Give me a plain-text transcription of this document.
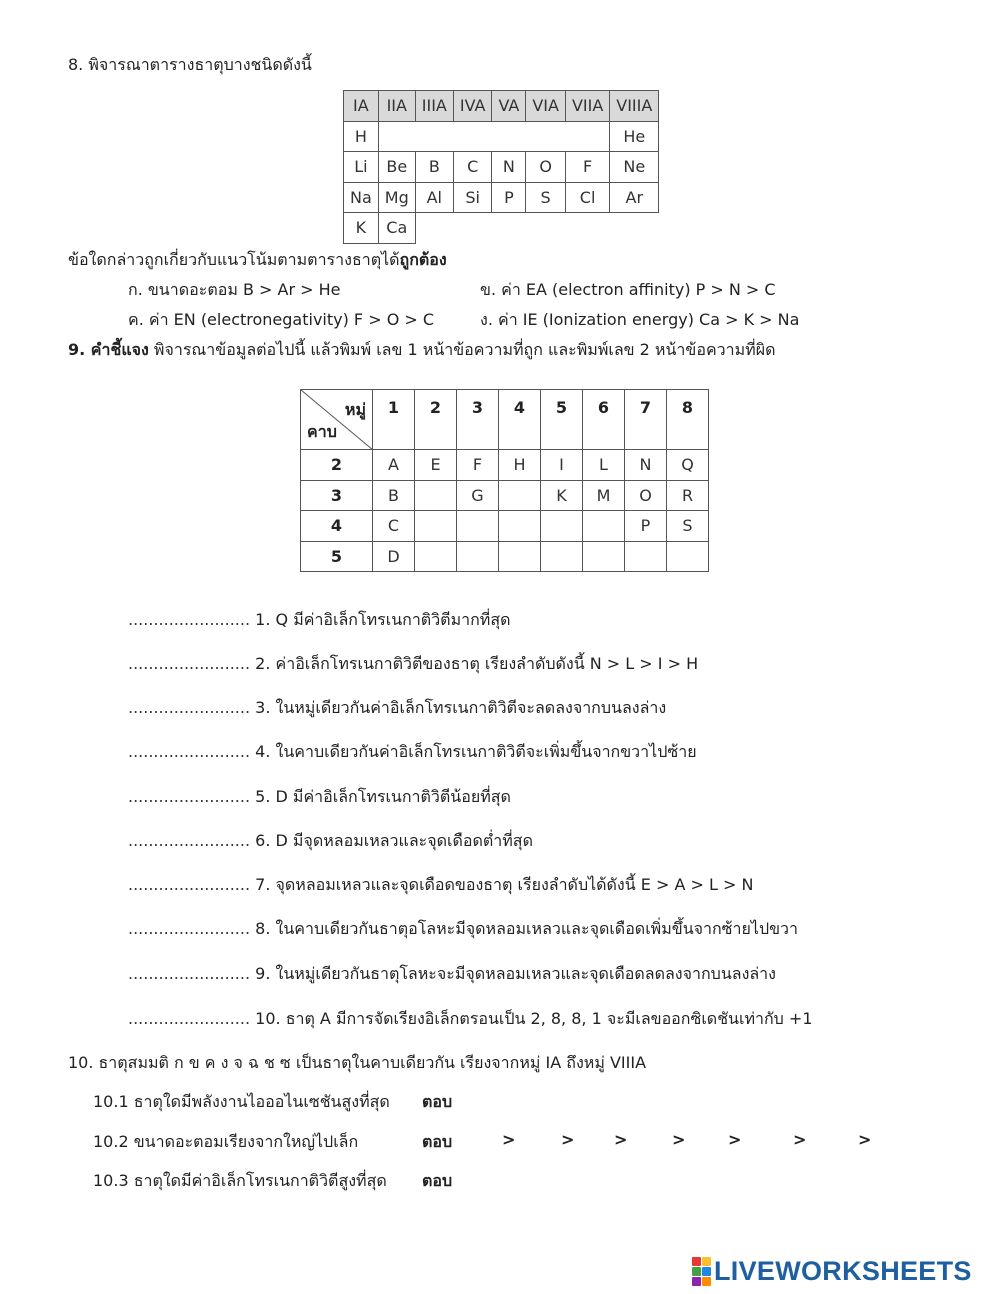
8. พิจารณาตารางธาตุบางชนิดดังนี้
IA	IIA	IIIA	IVA	VA	VIA	VIIA	VIIIA
H							He
Li	Be	B	C	N	O	F	Ne
Na	Mg	Al	Si	P	S	Cl	Ar
K	Ca						
ข้อใดกล่าวถูกเกี่ยวกับแนวโน้มตามตารางธาตุได้ถูกต้อง
ก. ขนาดอะตอม B > Ar > He	ข. ค่า EA (electron affinity) P > N > C
ค. ค่า EN (electronegativity) F > O > C	ง. ค่า IE (Ionization energy) Ca > K > Na
9. คำชี้แจง พิจารณาข้อมูลต่อไปนี้ แล้วพิมพ์ เลข 1 หน้าข้อความที่ถูก และพิมพ์เลข 2 หน้าข้อความที่ผิด
หมู่
คาบ	1	2	3	4	5	6	7	8
2	A	E	F	H	I	L	N	Q
3	B		G		K	M	O	R
4	C						P	S
5	D							
........................ 1. Q มีค่าอิเล็กโทรเนกาติวิตีมากที่สุด
........................ 2. ค่าอิเล็กโทรเนกาติวิตีของธาตุ เรียงลำดับดังนี้ N > L > I > H
........................ 3. ในหมู่เดียวกันค่าอิเล็กโทรเนกาติวิตีจะลดลงจากบนลงล่าง
........................ 4. ในคาบเดียวกันค่าอิเล็กโทรเนกาติวิตีจะเพิ่มขึ้นจากขวาไปซ้าย
........................ 5. D มีค่าอิเล็กโทรเนกาติวิตีน้อยที่สุด
........................ 6. D มีจุดหลอมเหลวและจุดเดือดต่ำที่สุด
........................ 7. จุดหลอมเหลวและจุดเดือดของธาตุ เรียงลำดับได้ดังนี้ E > A > L > N
........................ 8. ในคาบเดียวกันธาตุอโลหะมีจุดหลอมเหลวและจุดเดือดเพิ่มขึ้นจากซ้ายไปขวา
........................ 9. ในหมู่เดียวกันธาตุโลหะจะมีจุดหลอมเหลวและจุดเดือดลดลงจากบนลงล่าง
........................ 10. ธาตุ A มีการจัดเรียงอิเล็กตรอนเป็น 2, 8, 8, 1 จะมีเลขออกซิเดชันเท่ากับ +1
10. ธาตุสมมติ ก ข ค ง จ ฉ ช ซ เป็นธาตุในคาบเดียวกัน เรียงจากหมู่ IA ถึงหมู่ VIIIA
10.1 ธาตุใดมีพลังงานไอออไนเซชันสูงที่สุด ตอบ
10.2 ขนาดอะตอมเรียงจากใหญ่ไปเล็ก	ตอบ	>	> >	>	>	>	>
10.3 ธาตุใดมีค่าอิเล็กโทรเนกาติวิตีสูงที่สุด ตอบ
LIVEWORKSHEETS
